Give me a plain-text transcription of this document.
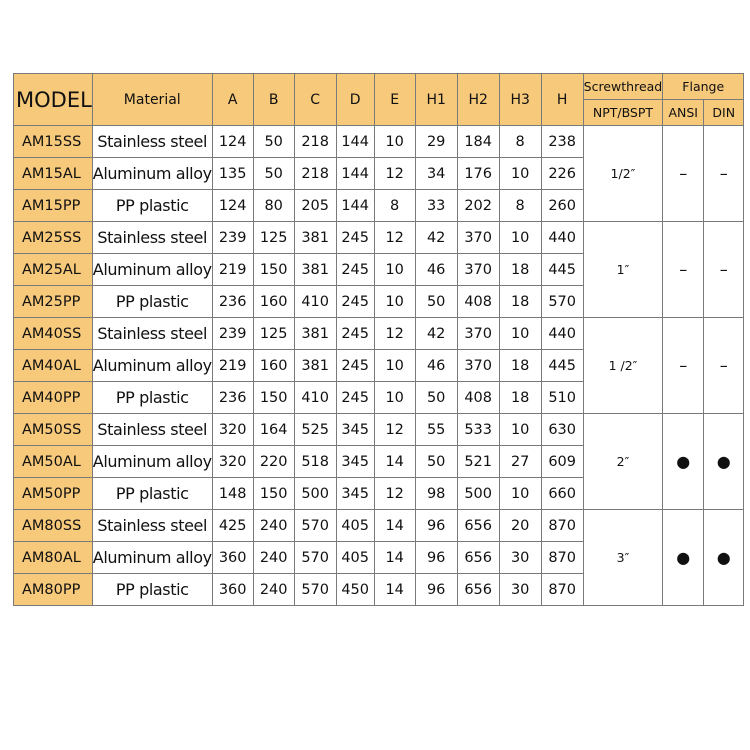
MODEL	Material	A	B	C	D	E	H1	H2	H3	H	Screwthread	Flange	
											NPT/BSPT	ANSI	DIN
AM15SS	Stainless steel	124	50	218	144	10	29	184	8	238	1/2″	–	–
AM15AL	Aluminum alloy	135	50	218	144	12	34	176	10	226			
AM15PP	PP plastic	124	80	205	144	8	33	202	8	260			
AM25SS	Stainless steel	239	125	381	245	12	42	370	10	440	1″	–	–
AM25AL	Aluminum alloy	219	150	381	245	10	46	370	18	445			
AM25PP	PP plastic	236	160	410	245	10	50	408	18	570			
AM40SS	Stainless steel	239	125	381	245	12	42	370	10	440	1 /2″	–	–
AM40AL	Aluminum alloy	219	160	381	245	10	46	370	18	445			
AM40PP	PP plastic	236	150	410	245	10	50	408	18	510			
AM50SS	Stainless steel	320	164	525	345	12	55	533	10	630	2″	●	●
AM50AL	Aluminum alloy	320	220	518	345	14	50	521	27	609			
AM50PP	PP plastic	148	150	500	345	12	98	500	10	660			
AM80SS	Stainless steel	425	240	570	405	14	96	656	20	870	3″	●	●
AM80AL	Aluminum alloy	360	240	570	405	14	96	656	30	870			
AM80PP	PP plastic	360	240	570	450	14	96	656	30	870			
